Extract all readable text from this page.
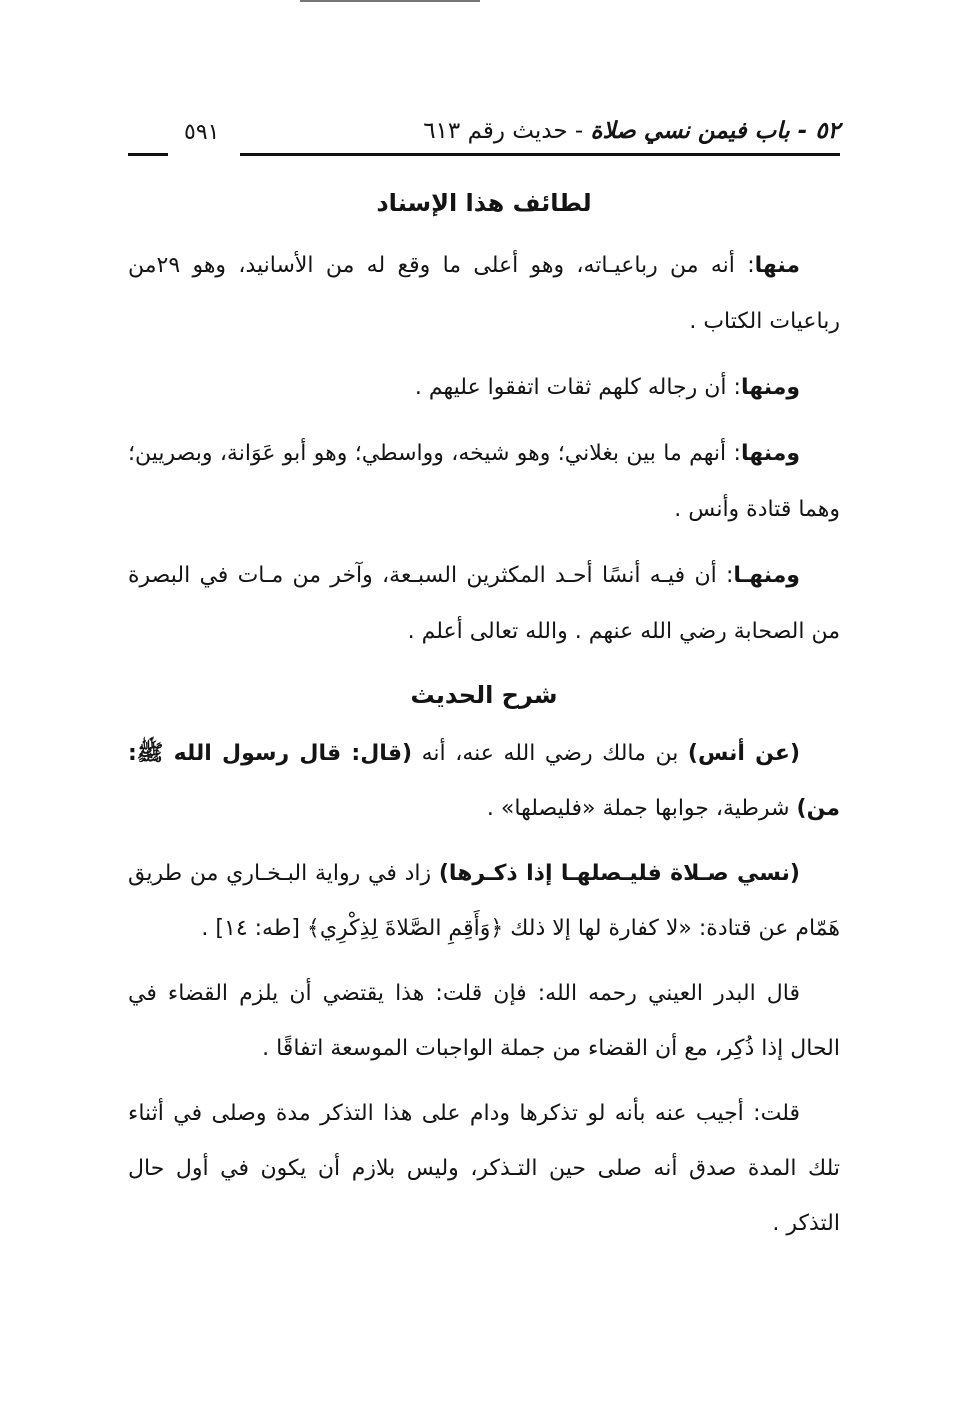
٥٢ - باب فيمن نسي صلاة - حديث رقم ٦١٣
٥٩١
لطائف هذا الإسناد

منها: أنه من رباعيـاته، وهو أعلى ما وقع له من الأسانيد، وهو ٢٩من رباعيات الكتاب .

ومنها: أن رجاله كلهم ثقات اتفقوا عليهم .

ومنها: أنهم ما بين بغلاني؛ وهو شيخه، وواسطي؛ وهو أبو عَوَانة، وبصريين؛ وهما قتادة وأنس .

ومنهـا: أن فيـه أنسًا أحـد المكثرين السبـعة، وآخر من مـات في البصرة من الصحابة رضي الله عنهم . والله تعالى أعلم .

شرح الحديث

(عن أنس) بن مالك رضي الله عنه، أنه (قال: قال رسول الله ﷺ: من) شرطية، جوابها جملة «فليصلها» .

(نسي صـلاة فليـصلهـا إذا ذكـرها) زاد في رواية البـخـاري من طريق هَمّام عن قتادة: «لا كفارة لها إلا ذلك ﴿وَأَقِمِ الصَّلاةَ لِذِكْرِي﴾ [طه: ١٤] .

قال البدر العيني رحمه الله: فإن قلت: هذا يقتضي أن يلزم القضاء في الحال إذا ذُكِر، مع أن القضاء من جملة الواجبات الموسعة اتفاقًا .

قلت: أجيب عنه بأنه لو تذكرها ودام على هذا التذكر مدة وصلى في أثناء تلك المدة صدق أنه صلى حين التـذكر، وليس بلازم أن يكون في أول حال التذكر .
